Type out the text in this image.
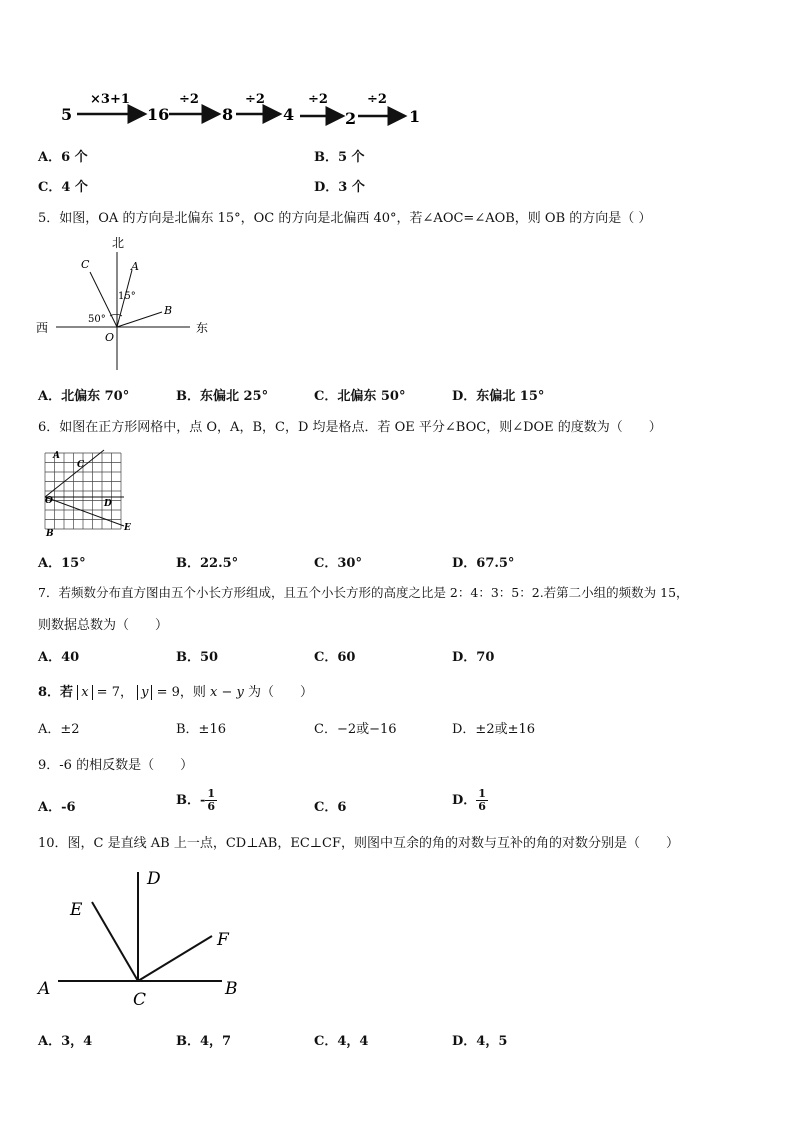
5
×3+1
16
÷2
8
÷2
4
÷2
2
÷2
1
A．6 个	B．5 个
C．4 个	D．3 个
5．如图，OA 的方向是北偏东 15°，OC 的方向是北偏西 40°，若∠AOC=∠AOB，则 OB 的方向是（ ）
北
西	东
C	A
B
O
15°
50°
A．北偏东 70°	B．东偏北 25°	C．北偏东 50°	D．东偏北 15°
6．如图在正方形网格中，点 O，A，B，C，D 均是格点．若 OE 平分∠BOC，则∠DOE 的度数为（　　）
A
C
O	D
B
E
A．15°	B．22.5°	C．30°	D．67.5°
7．若频数分布直方图由五个小长方形组成，且五个小长方形的高度之比是 2：4：3：5：2.若第二小组的频数为 15，
则数据总数为（　　）
A．40	B．50	C．60	D．70
8．若 x = 7， y = 9，则 x − y 为（　　）
A．±2	B．±16	C．−2或−16	D．±2或±16
9．-6 的相反数是（　　）
A．-6	B．- $\frac{1}{6}$	C．6	D． $\frac{1}{6}$
10．图，C 是直线 AB 上一点，CD⊥AB，EC⊥CF，则图中互余的角的对数与互补的角的对数分别是（　　）
D
E
F
A
C
B
A．3，4	B．4，7	C．4，4	D．4，5
